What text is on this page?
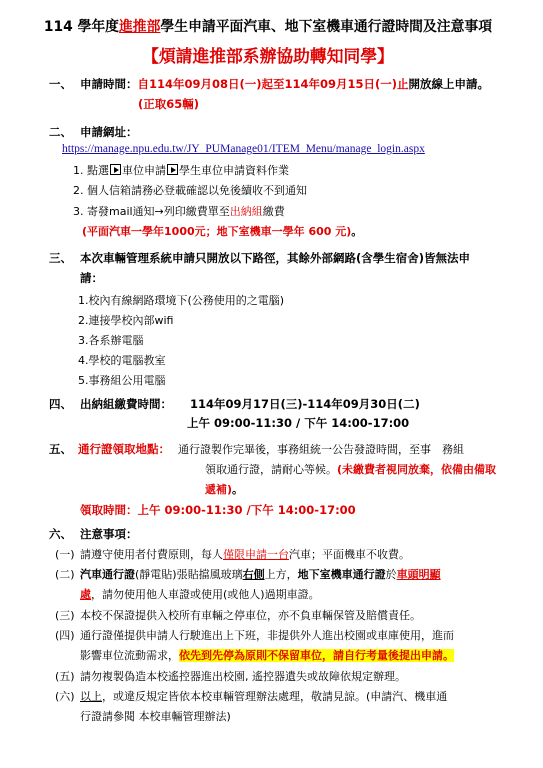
114 學年度進推部學生申請平面汽車、地下室機車通行證時間及注意事項
【煩請進推部系辦協助轉知同學】
一、 申請時間：自114年09月08日(一)起至114年09月15日(一)止開放線上申請。
(正取65輛)
二、 申請網址：
https://manage.npu.edu.tw/JY_PUManage01/ITEM_Menu/manage_login.aspx
1. 點選 車位申請 學生車位申請資料作業
2. 個人信箱請務必登載確認以免後續收不到通知
3. 寄發mail通知→列印繳費單至出納組繳費
(平面汽車一學年1000元；地下室機車一學年 600 元)。
三、 本次車輛管理系統申請只開放以下路徑，其餘外部網路(含學生宿舍)皆無法申
請：
1.校內有線網路環境下(公務使用的之電腦)
2.連接學校內部wifi
3.各系辦電腦
4.學校的電腦教室
5.事務組公用電腦
四、 出納組繳費時間： 114年09月17日(三)-114年09月30日(二)
上午 09:00-11:30 / 下午 14:00-17:00
五、 通行證領取地點： 通行證製作完畢後，事務組統一公告發證時間，至事　務組
領取通行證，請耐心等候。(未繳費者視同放棄，依備由備取
遞補)。
領取時間：上午 09:00-11:30 /下午 14:00-17:00
六、 注意事項：
(一) 請遵守使用者付費原則，每人僅限申請一台汽車；平面機車不收費。
(二) 汽車通行證(靜電貼)張貼擋風玻璃右側上方，地下室機車通行證於車頭明顯
處，請勿使用他人車證或使用(或他人)過期車證。
(三) 本校不保證提供入校所有車輛之停車位，亦不負車輛保管及賠償責任。
(四) 通行證僅提供申請人行駛進出上下班，非提供外人進出校園或車庫使用，進而
影響車位流動需求，依先到先停為原則不保留車位，請自行考量後提出申請。
(五) 請勿複製偽造本校遙控器進出校園, 遙控器遺失或故障依規定辦理。
(六) 以上，或違反規定皆依本校車輛管理辦法處理，敬請見諒。(申請汽、機車通
行證請參閱 本校車輛管理辦法)
